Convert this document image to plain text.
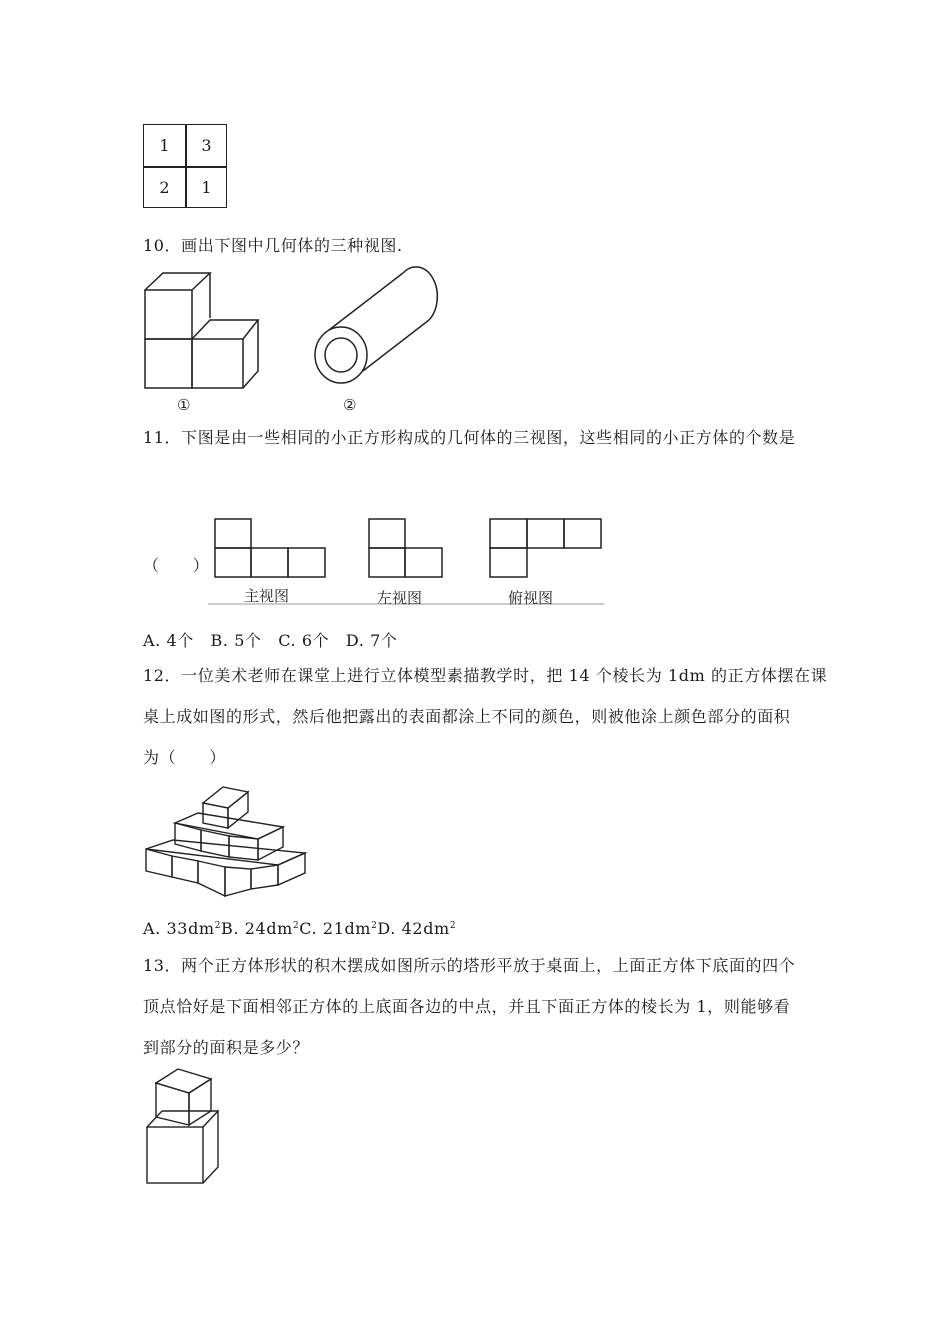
1	3
2	1
10．画出下图中几何体的三种视图.
①	②
11．下图是由一些相同的小正方形构成的几何体的三视图，这些相同的小正方体的个数是
（　　）
主视图	左视图	俯视图
A. 4个　B. 5个　C. 6个　D. 7个
12．一位美术老师在课堂上进行立体模型素描教学时，把 14 个棱长为 1dm 的正方体摆在课
桌上成如图的形式，然后他把露出的表面都涂上不同的颜色，则被他涂上颜色部分的面积
为（　　）
A. $33dm^2B$. $24dm^2C$. $21dm^2D$. $42dm^2$
13．两个正方体形状的积木摆成如图所示的塔形平放于桌面上，上面正方体下底面的四个
顶点恰好是下面相邻正方体的上底面各边的中点，并且下面正方体的棱长为 1，则能够看
到部分的面积是多少？
